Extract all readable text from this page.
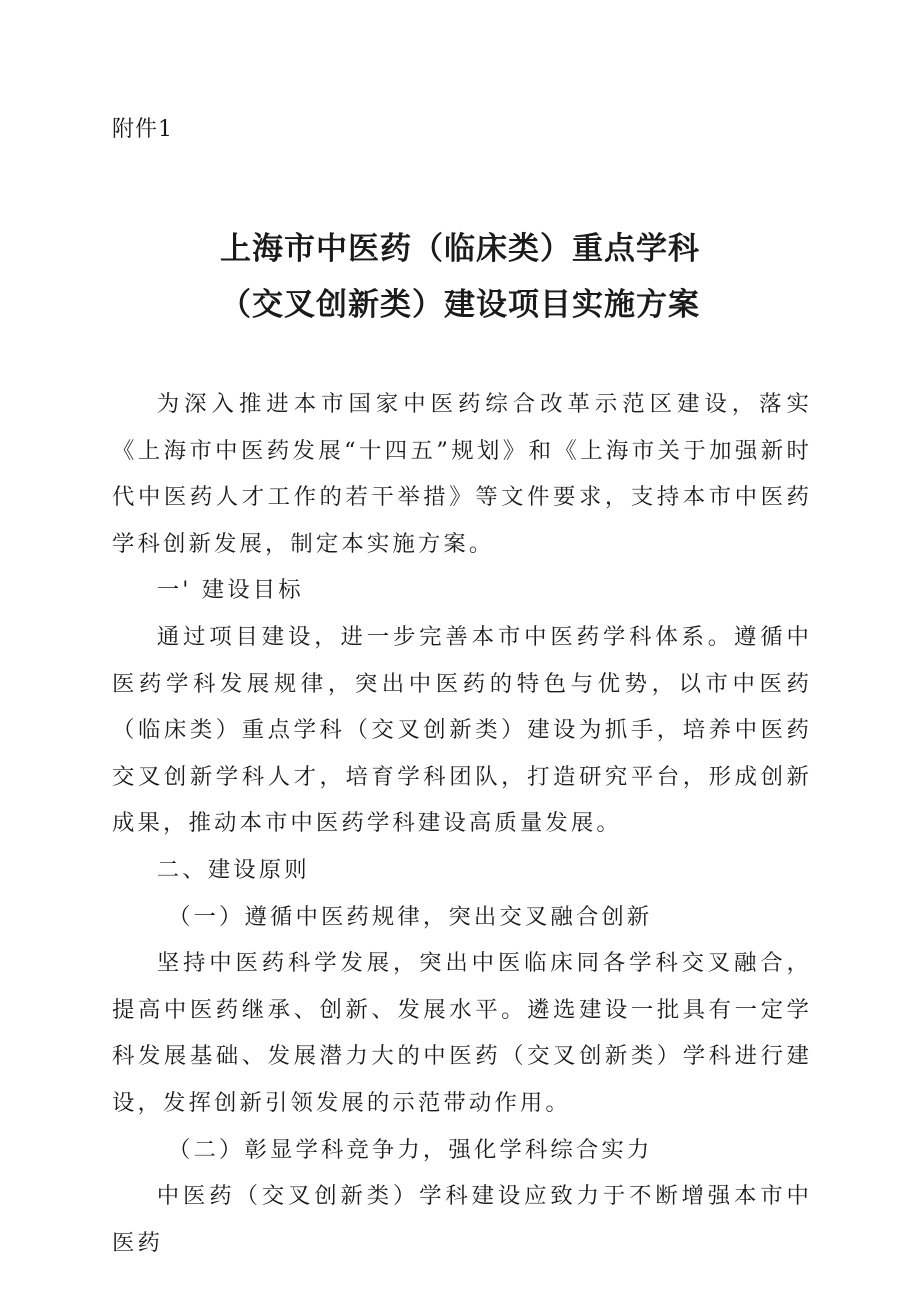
附件1
上海市中医药（临床类）重点学科
（交叉创新类）建设项目实施方案

为深入推进本市国家中医药综合改革示范区建设，落实《上海市中医药发展“十四五”规划》和《上海市关于加强新时代中医药人才工作的若干举措》等文件要求，支持本市中医药学科创新发展，制定本实施方案。

一' 建设目标

通过项目建设，进一步完善本市中医药学科体系。遵循中医药学科发展规律，突出中医药的特色与优势，以市中医药（临床类）重点学科（交叉创新类）建设为抓手，培养中医药交叉创新学科人才，培育学科团队，打造研究平台，形成创新成果，推动本市中医药学科建设高质量发展。

二、建设原则

（一）遵循中医药规律，突出交叉融合创新

坚持中医药科学发展，突出中医临床同各学科交叉融合，提高中医药继承、创新、发展水平。遴选建设一批具有一定学科发展基础、发展潜力大的中医药（交叉创新类）学科进行建设，发挥创新引领发展的示范带动作用。

（二）彰显学科竞争力，强化学科综合实力

中医药（交叉创新类）学科建设应致力于不断增强本市中医药
